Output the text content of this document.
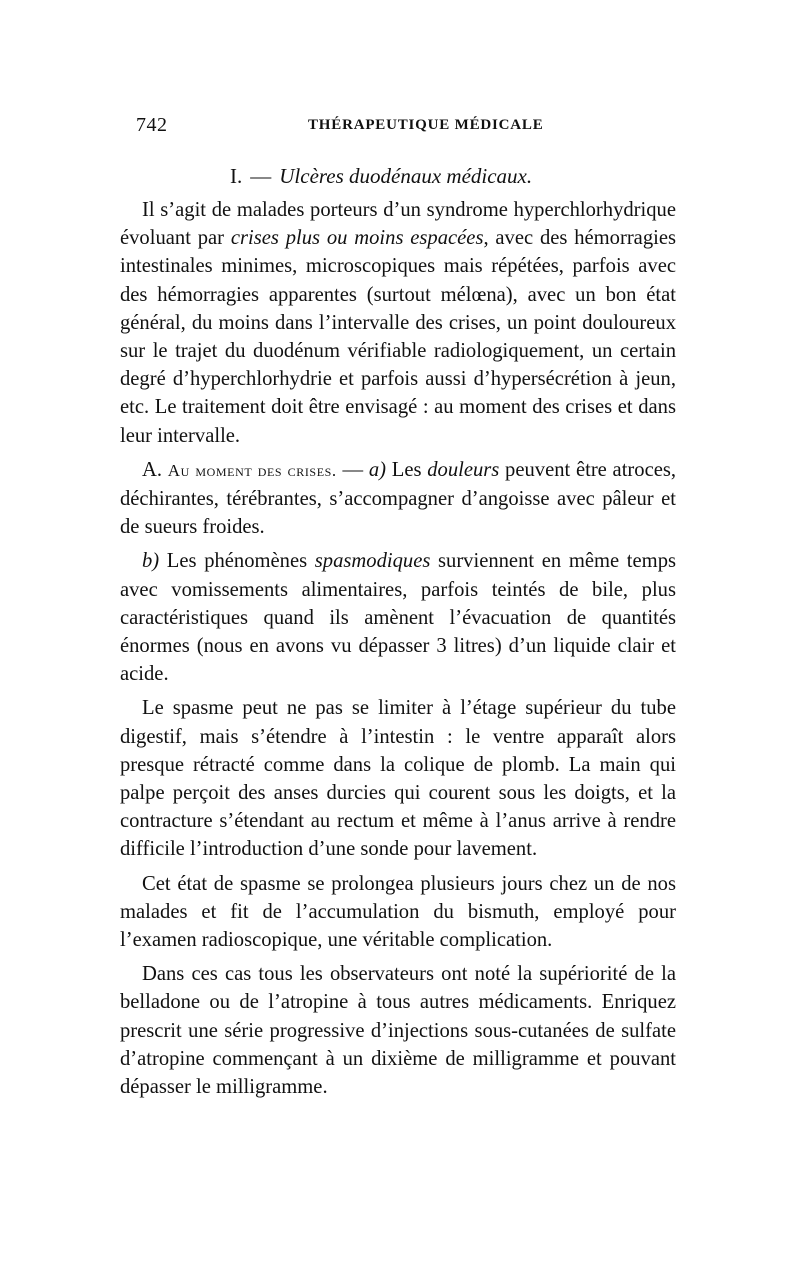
742	THÉRAPEUTIQUE MÉDICALE
I. — Ulcères duodénaux médicaux.

Il s’agit de malades porteurs d’un syndrome hyperchlorhydrique évoluant par crises plus ou moins espacées, avec des hémorragies intestinales minimes, microscopiques mais répétées, parfois avec des hémorragies apparentes (surtout mélœna), avec un bon état général, du moins dans l’intervalle des crises, un point douloureux sur le trajet du duodénum vérifiable radiologiquement, un certain degré d’hyperchlorhydrie et parfois aussi d’hypersécrétion à jeun, etc. Le traitement doit être envisagé : au moment des crises et dans leur intervalle.

A. Au moment des crises. — a) Les douleurs peuvent être atroces, déchirantes, térébrantes, s’accompagner d’angoisse avec pâleur et de sueurs froides.

b) Les phénomènes spasmodiques surviennent en même temps avec vomissements alimentaires, parfois teintés de bile, plus caractéristiques quand ils amènent l’évacuation de quantités énormes (nous en avons vu dépasser 3 litres) d’un liquide clair et acide.

Le spasme peut ne pas se limiter à l’étage supérieur du tube digestif, mais s’étendre à l’intestin : le ventre apparaît alors presque rétracté comme dans la colique de plomb. La main qui palpe perçoit des anses durcies qui courent sous les doigts, et la contracture s’étendant au rectum et même à l’anus arrive à rendre difficile l’introduction d’une sonde pour lavement.

Cet état de spasme se prolongea plusieurs jours chez un de nos malades et fit de l’accumulation du bismuth, employé pour l’examen radioscopique, une véritable complication.

Dans ces cas tous les observateurs ont noté la supériorité de la belladone ou de l’atropine à tous autres médicaments. Enriquez prescrit une série progressive d’injections sous-cutanées de sulfate d’atropine commençant à un dixième de milligramme et pouvant dépasser le milligramme.
